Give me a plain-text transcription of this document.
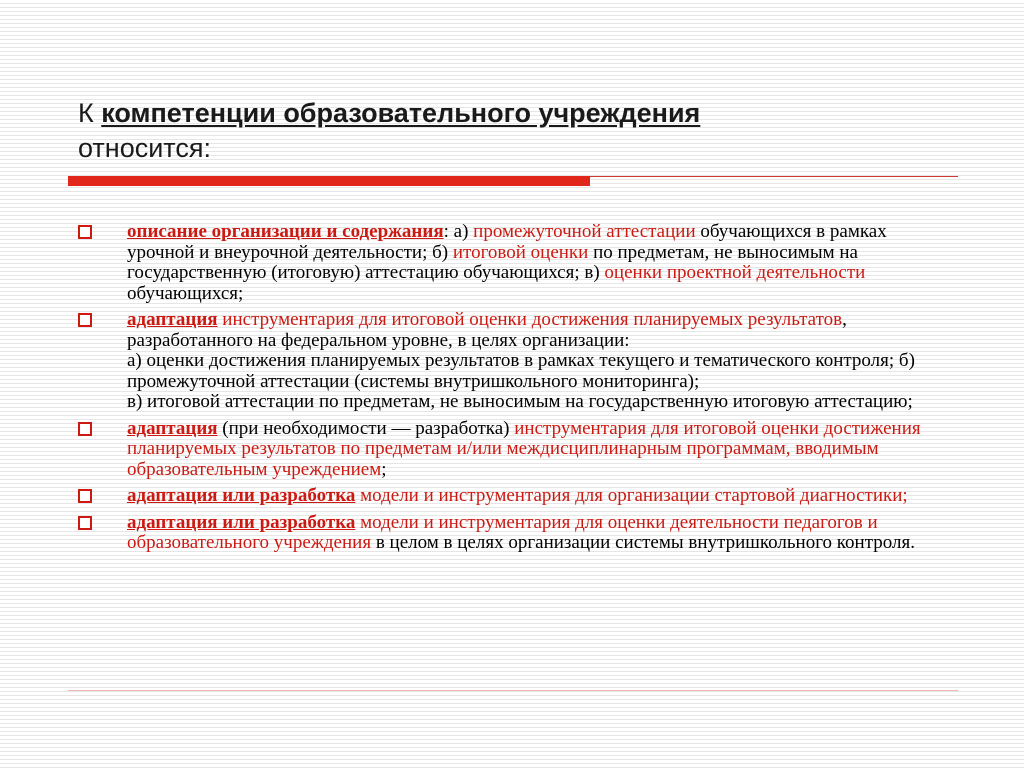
К компетенции образовательного учреждения
относится:
описание организации и содержания: а) промежуточной аттестации обучающихся в рамках урочной и внеурочной деятельности; б) итоговой оценки по предметам, не выносимым на государственную (итоговую) аттестацию обучающихся; в) оценки проектной деятельности обучающихся;
адаптация инструментария для итоговой оценки достижения планируемых результатов, разработанного на федеральном уровне, в целях организации:
а) оценки достижения планируемых результатов в рамках текущего и тематического контроля; б) промежуточной аттестации (системы внутришкольного мониторинга);
в) итоговой аттестации по предметам, не выносимым на государственную итоговую аттестацию;
адаптация (при необходимости — разработка) инструментария для итоговой оценки достижения планируемых результатов по предметам и/или междисциплинарным программам, вводимым образовательным учреждением;
адаптация или разработка модели и инструментария для организации стартовой диагностики;
адаптация или разработка модели и инструментария для оценки деятельности педагогов и образовательного учреждения в целом в целях организации системы внутришкольного контроля.
